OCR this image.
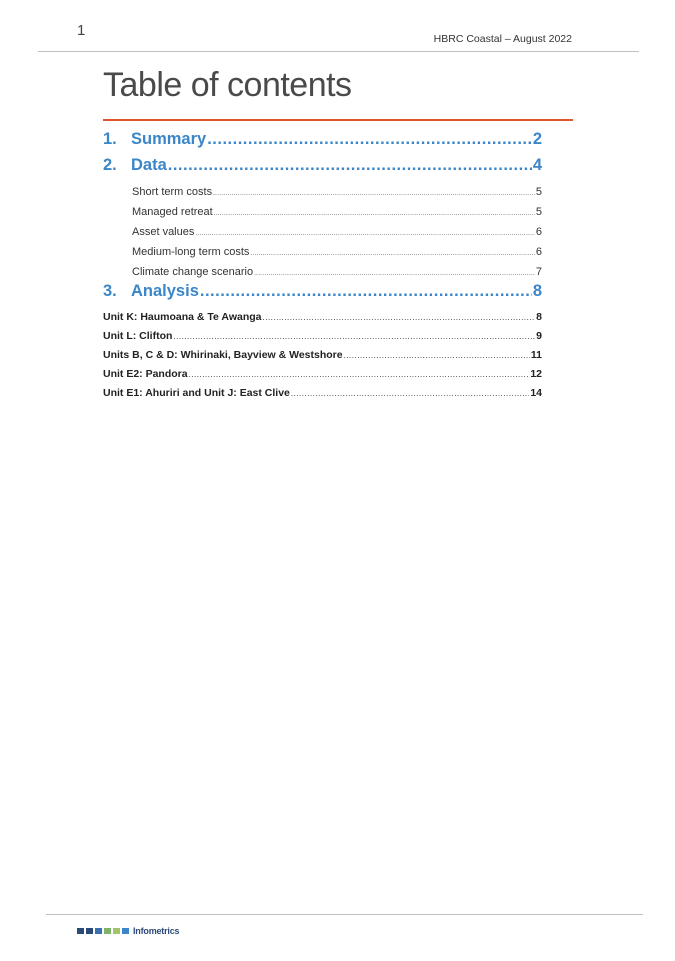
1	HBRC Coastal – August 2022
Table of contents
1. Summary .....	2
2. Data .....	4
Short term costs .....	5
Managed retreat .....	5
Asset values .....	6
Medium-long term costs .....	6
Climate change scenario .....	7
3. Analysis .....	8
Unit K: Haumoana & Te Awanga .....	8
Unit L: Clifton .....	9
Units B, C & D: Whirinaki, Bayview & Westshore .....	11
Unit E2: Pandora .....	12
Unit E1: Ahuriri and Unit J: East Clive .....	14
Infometrics
